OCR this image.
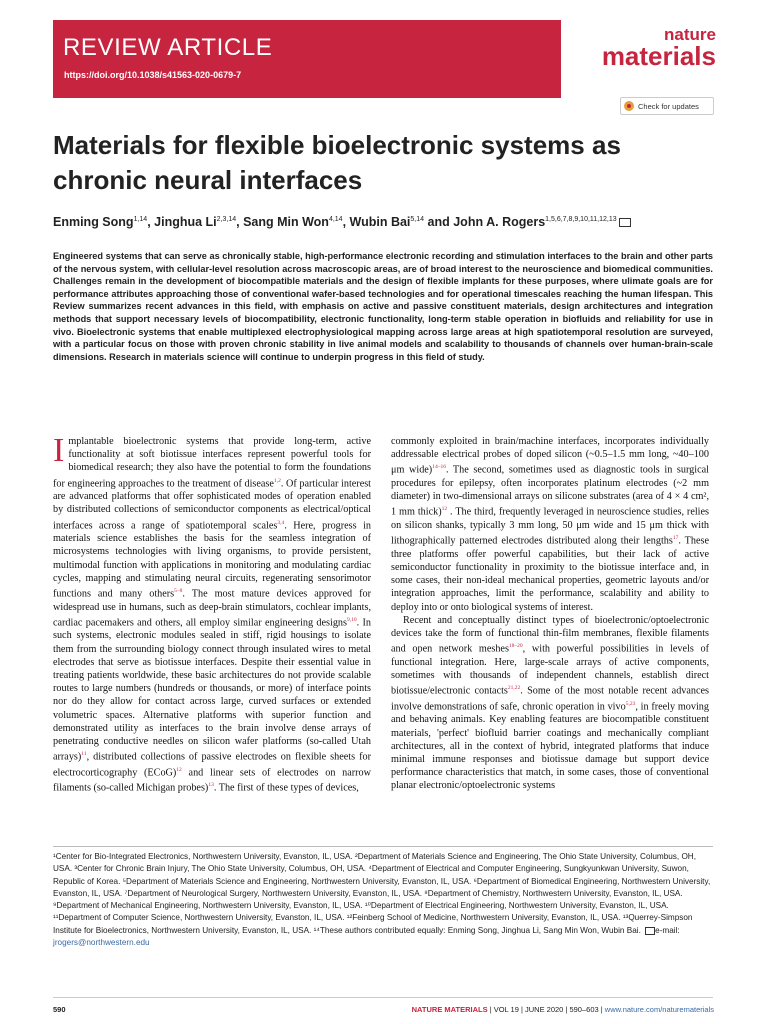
REVIEW ARTICLE
https://doi.org/10.1038/s41563-020-0679-7
nature
materials
Check for updates
Materials for flexible bioelectronic systems as chronic neural interfaces
Enming Song$^{1,14}$, Jinghua Li$^{2,3,14}$, Sang Min Won$^{4,14}$, Wubin Bai$^{5,14}$ and John A. Rogers$^{1,5,6,7,8,9,10,11,12,13}$
Engineered systems that can serve as chronically stable, high-performance electronic recording and stimulation interfaces to the brain and other parts of the nervous system, with cellular-level resolution across macroscopic areas, are of broad interest to the neuroscience and biomedical communities. Challenges remain in the development of biocompatible materials and the design of flexible implants for these purposes, where ulimate goals are for performance attributes approaching those of conventional wafer-based technologies and for operational timescales reaching the human lifespan. This Review summarizes recent advances in this field, with emphasis on active and passive constituent materials, design architectures and integration methods that support necessary levels of biocompatibility, electronic functionality, long-term stable operation in biofluids and reliability for use in vivo. Bioelectronic systems that enable multiplexed electrophysiological mapping across large areas at high spatiotemporal resolution are surveyed, with a particular focus on those with proven chronic stability in live animal models and scalability to thousands of channels over human-brain-scale dimensions. Research in materials science will continue to underpin progress in this field of study.

Implantable bioelectronic systems that provide long-term, active functionality at soft biotissue interfaces represent powerful tools for biomedical research; they also have the potential to form the foundations for engineering approaches to the treatment of disease$^{1,2}$. Of particular interest are advanced platforms that offer sophisticated modes of operation enabled by distributed collections of semiconductor components as electrical/optical interfaces across a range of spatiotemporal scales$^{3,4}$. Here, progress in materials science establishes the basis for the seamless integration of microsystems technologies with living organisms, to provide persistent, multimodal function with applications in monitoring and modulating cardiac cycles, mapping and stimulating neural circuits, regenerating sensorimotor functions and many others$^{5-8}$. The most mature devices approved for widespread use in humans, such as deep-brain stimulators, cochlear implants, cardiac pacemakers and others, all employ similar engineering designs$^{9,10}$. In such systems, electronic modules sealed in stiff, rigid housings to isolate them from the surrounding biology connect through insulated wires to metal electrodes that serve as biotissue interfaces. Despite their essential value in treating patients worldwide, these basic architectures do not provide scalable routes to large numbers (hundreds or thousands, or more) of interface points nor do they allow for contact across large, curved surfaces or extended volumetric spaces. Alternative platforms with superior function and demonstrated utility as interfaces to the brain involve dense arrays of penetrating conductive needles on silicon wafer platforms (so-called Utah arrays)$^{11}$, distributed collections of passive electrodes on flexible sheets for electrocorticography (ECoG)$^{12}$ and linear sets of electrodes on narrow filaments (so-called Michigan probes)$^{13}$. The first of these types of devices,

commonly exploited in brain/machine interfaces, incorporates individually addressable electrical probes of doped silicon (~0.5–1.5 mm long, ~40–100 μm wide)$^{14-16}$. The second, sometimes used as diagnostic tools in surgical procedures for epilepsy, often incorporates platinum electrodes (~2 mm diameter) in two-dimensional arrays on silicone substrates (area of 4 × 4 cm², 1 mm thick)$^{12}$ . The third, frequently leveraged in neuroscience studies, relies on silicon shanks, typically 3 mm long, 50 μm wide and 15 μm thick with lithographically patterned electrodes distributed along their lengths$^{17}$. These three platforms offer powerful capabilities, but their lack of active semiconductor functionality in proximity to the biotissue interface and, in some cases, their non-ideal mechanical properties, geometric layouts and/or integration approaches, limit the performance, scalability and ability to deploy into or onto biological systems of interest.

Recent and conceptually distinct types of bioelectronic/optoelectronic devices take the form of functional thin-film membranes, flexible filaments and open network meshes$^{18-20}$, with powerful possibilities in levels of functional integration. Here, large-scale arrays of active components, sometimes with thousands of independent channels, establish direct biotissue/electronic contacts$^{21,22}$. Some of the most notable recent advances involve demonstrations of safe, chronic operation in vivo$^{5,23}$, in freely moving and behaving animals. Key enabling features are biocompatible constituent materials, 'perfect' biofluid barrier coatings and mechanically compliant architectures, all in the context of hybrid, integrated platforms that induce minimal immune responses and biotissue damage but support device performance characteristics that match, in some cases, those of conventional planar electronic/optoelectronic systems

¹Center for Bio-Integrated Electronics, Northwestern University, Evanston, IL, USA. ²Department of Materials Science and Engineering, The Ohio State University, Columbus, OH, USA. ³Center for Chronic Brain Injury, The Ohio State University, Columbus, OH, USA. ⁴Department of Electrical and Computer Engineering, Sungkyunkwan University, Suwon, Republic of Korea. ⁵Department of Materials Science and Engineering, Northwestern University, Evanston, IL, USA. ⁶Department of Biomedical Engineering, Northwestern University, Evanston, IL, USA. ⁷Department of Neurological Surgery, Northwestern University, Evanston, IL, USA. ⁸Department of Chemistry, Northwestern University, Evanston, IL, USA. ⁹Department of Mechanical Engineering, Northwestern University, Evanston, IL, USA. ¹⁰Department of Electrical Engineering, Northwestern University, Evanston, IL, USA. ¹¹Department of Computer Science, Northwestern University, Evanston, IL, USA. ¹²Feinberg School of Medicine, Northwestern University, Evanston, IL, USA. ¹³Querrey-Simpson Institute for Bioelectronics, Northwestern University, Evanston, IL, USA. ¹⁴These authors contributed equally: Enming Song, Jinghua Li, Sang Min Won, Wubin Bai. e-mail: jrogers@northwestern.edu
590	NATURE MATERIALS | VOL 19 | JUNE 2020 | 590–603 | www.nature.com/naturematerials
